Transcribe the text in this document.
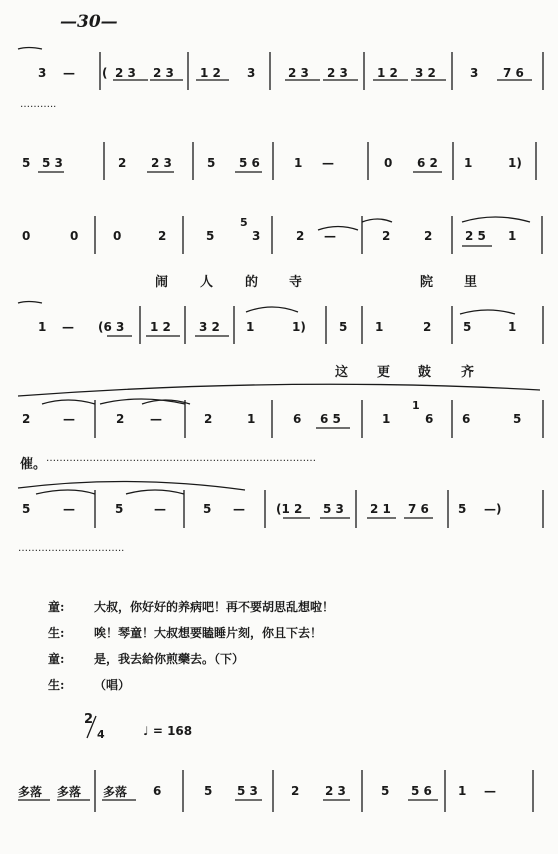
—30—
3 — ( 2 3 2 3 1 2 3	2 3 2 3 1 2 3 2	3 7 6
………..
5 5 3	2 2 3	5 5 6	1 —	0 6 2 1	1)
0	0	0	2	5
5
3	2 —	2	2	2 5 1
闹 人 的 寺	院 里
1 — (6 3 1 2 3 2 1	1)	5 1	2	5	1
这 更 鼓 齐
2	—	2 —	2	1	6 6 5	1
1
6 6	5
催。 ………………………………………………………………………
5	—	5	—	5 —	(1 2 5 3 2 1 7 6 5 —)
…………………………..
童: 大叔，你好好的养病吧！再不要胡思乱想啦！
生: 唉！琴童！大叔想要瞌睡片刻，你且下去！
童: 是，我去給你煎藥去。（下）
生: （唱）
2
4	♩ = 168
多落 多落 多落 6	5 5 3	2 2 3	5 5 6 1 —
